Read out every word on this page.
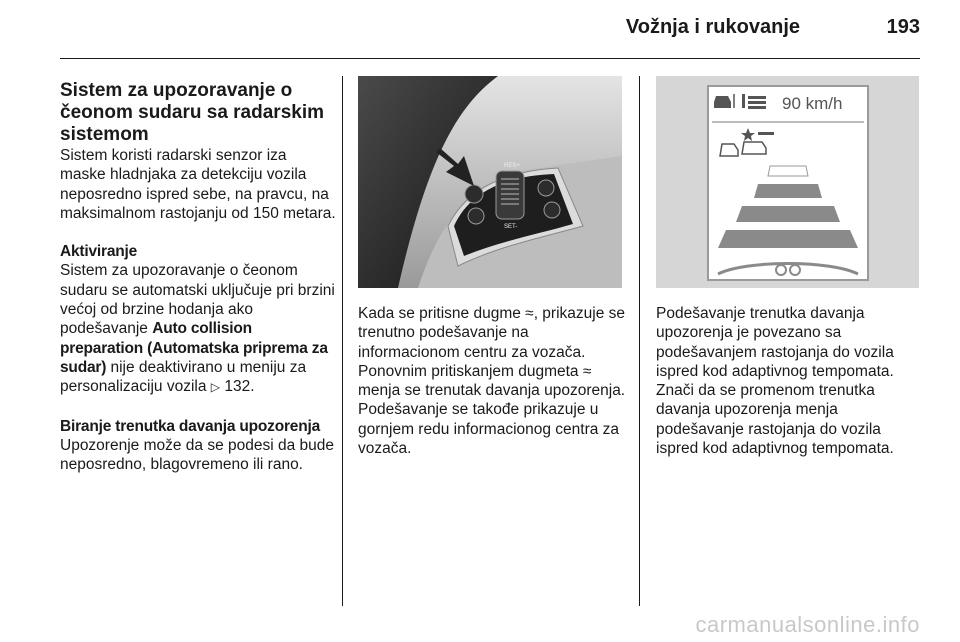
Vožnja i rukovanje	193
Sistem za upozoravanje o čeonom sudaru sa radarskim sistemom

Sistem koristi radarski senzor iza maske hladnjaka za detekciju vozila neposredno ispred sebe, na pravcu, na maksimalnom rastojanju od 150 metara.

Aktiviranje
Sistem za upozoravanje o čeonom sudaru se automatski uključuje pri brzini većoj od brzine hodanja ako podešavanje Auto collision preparation (Automatska priprema za sudar) nije deaktivirano u meniju za personalizaciju vozila ▷ 132.

Biranje trenutka davanja upozorenja
Upozorenje može da se podesi da bude neposredno, blagovremeno ili rano.

RES+
SET-

Kada se pritisne dugme ≈, prikazuje se trenutno podešavanje na informacionom centru za vozača. Ponovnim pritiskanjem dugmeta ≈ menja se trenutak davanja upozorenja. Podešavanje se takođe prikazuje u gornjem redu informacionog centra za vozača.

90 km/h

Podešavanje trenutka davanja upozorenja je povezano sa podešavanjem rastojanja do vozila ispred kod adaptivnog tempomata. Znači da se promenom trenutka davanja upozorenja menja podešavanje rastojanja do vozila ispred kod adaptivnog tempomata.

carmanualsonline.info
